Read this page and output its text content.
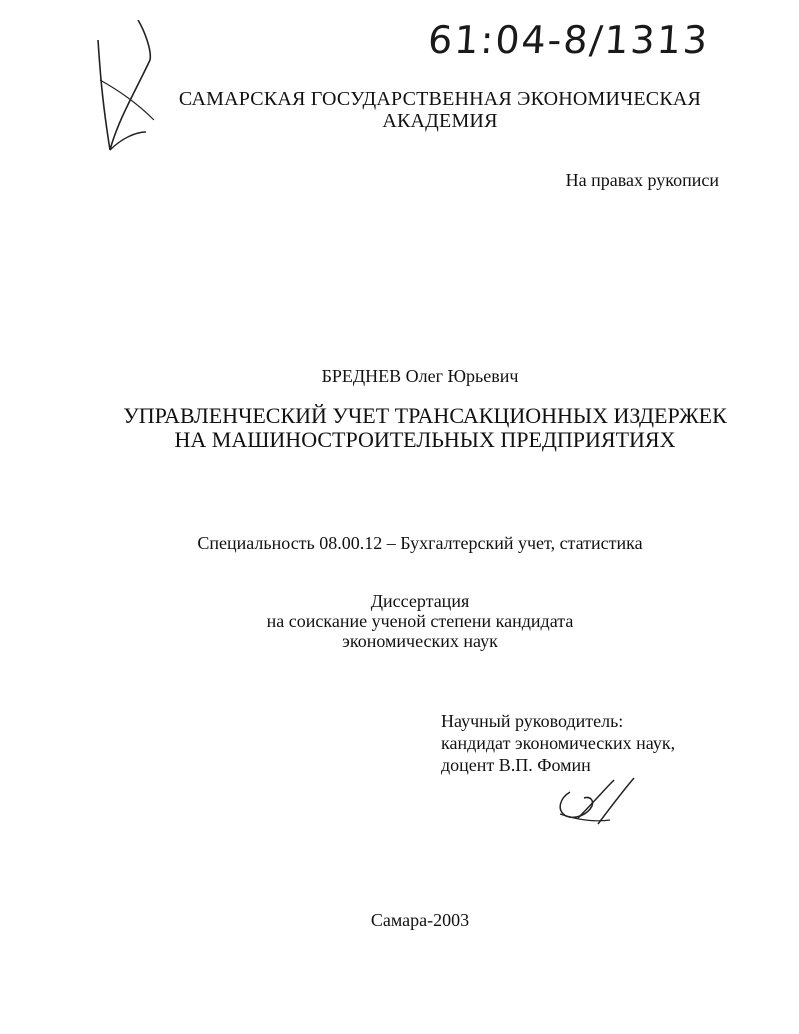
61:04-8/1313
САМАРСКАЯ ГОСУДАРСТВЕННАЯ ЭКОНОМИЧЕСКАЯ
АКАДЕМИЯ
На правах рукописи
БРЕДНЕВ Олег Юрьевич
УПРАВЛЕНЧЕСКИЙ УЧЕТ ТРАНСАКЦИОННЫХ ИЗДЕРЖЕК
НА МАШИНОСТРОИТЕЛЬНЫХ ПРЕДПРИЯТИЯХ
Специальность 08.00.12 – Бухгалтерский учет, статистика
Диссертация
на соискание ученой степени кандидата
экономических наук
Научный руководитель:
кандидат экономических наук,
доцент В.П. Фомин
Самара-2003
